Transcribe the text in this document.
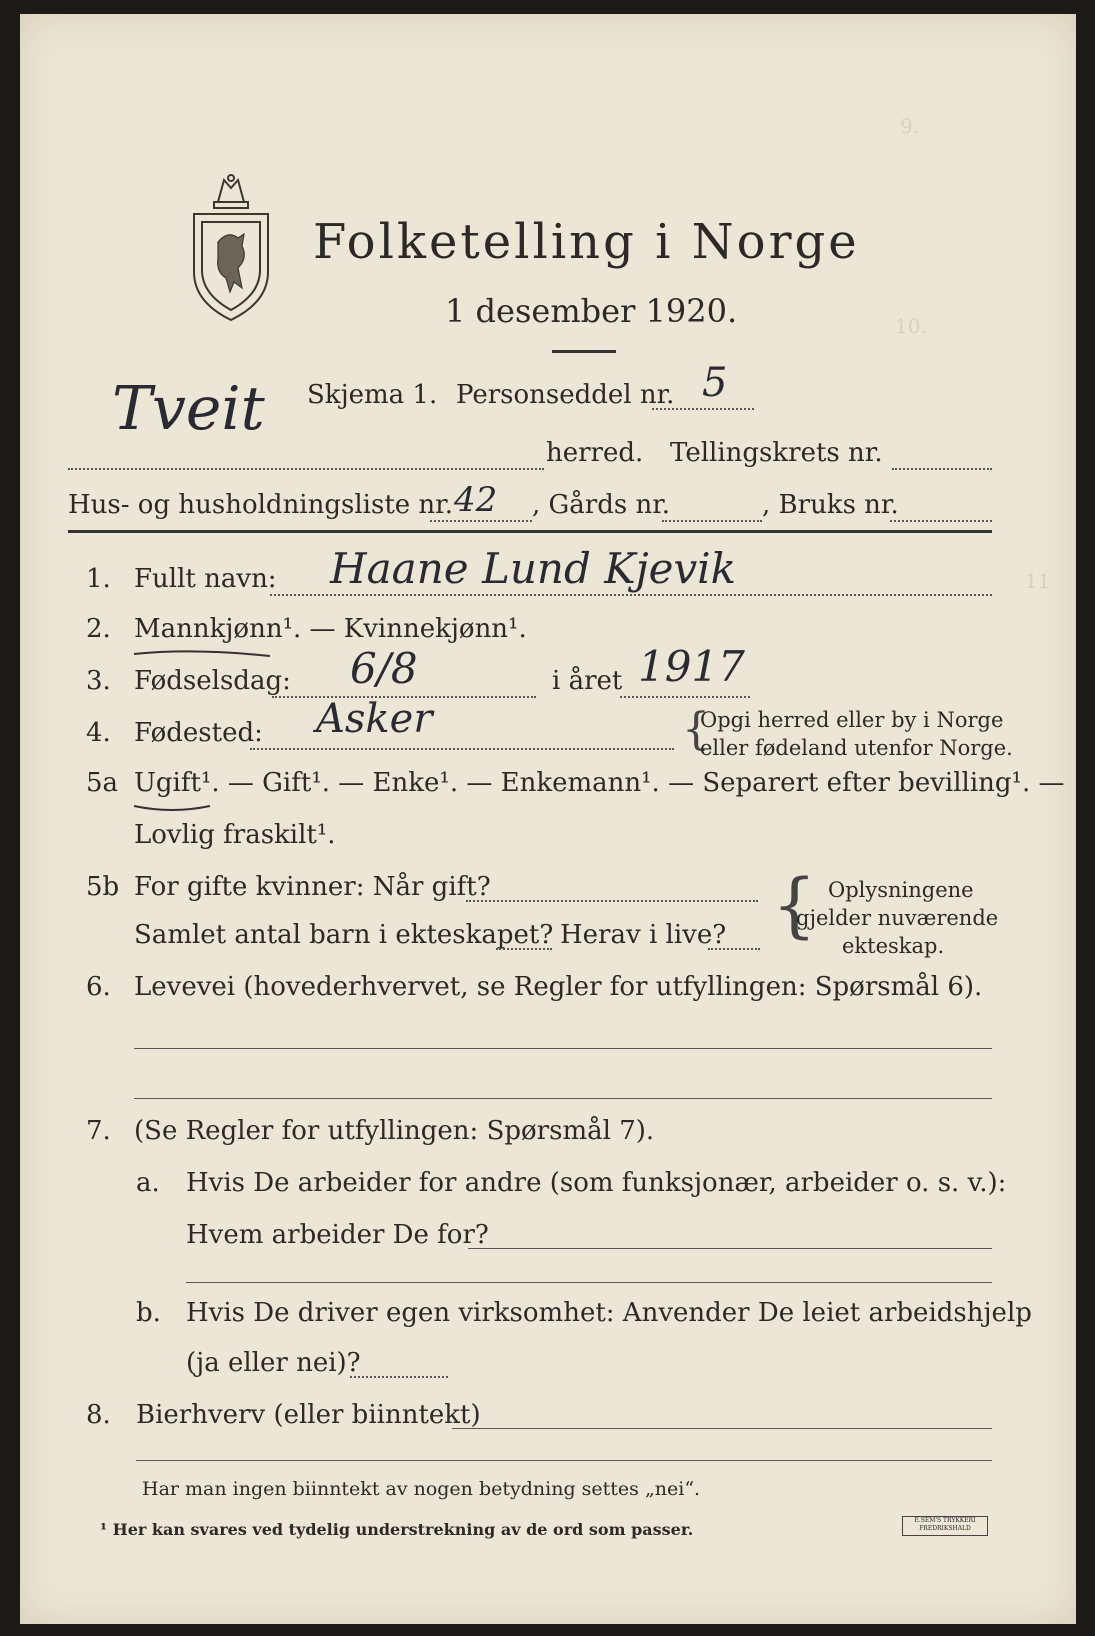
9.
10.
11
Folketelling i Norge
1 desember 1920.
Tveit Skjema 1. Personseddel nr. 5
herred. Tellingskrets nr.
Hus- og husholdningsliste nr. 42 , Gårds nr.	, Bruks nr.
1. Fullt navn: Haane Lund Kjevik
2. Mannkjønn¹. — Kvinnekjønn¹.
3. Fødselsdag: 6/8	i året 1917
4. Fødested: Asker	{
Opgi herred eller by i Norge
eller fødeland utenfor Norge.
5a Ugift¹. — Gift¹. — Enke¹. — Enkemann¹. — Separert efter bevilling¹. —
Lovlig fraskilt¹.
5b For gifte kvinner: Når gift?
Samlet antal barn i ekteskapet? Herav i live? { Oplysningene
gjelder nuværende
ekteskap.
6. Levevei (hovederhvervet, se Regler for utfyllingen: Spørsmål 6).
7. (Se Regler for utfyllingen: Spørsmål 7).
a. Hvis De arbeider for andre (som funksjonær, arbeider o. s. v.):
Hvem arbeider De for?
b. Hvis De driver egen virksomhet: Anvender De leiet arbeidshjelp
(ja eller nei)?
8. Bierhverv (eller biinntekt)
Har man ingen biinntekt av nogen betydning settes „nei“.
¹ Her kan svares ved tydelig understrekning av de ord som passer.	E.SEM'S TRYKKERI FREDRIKSHALD
